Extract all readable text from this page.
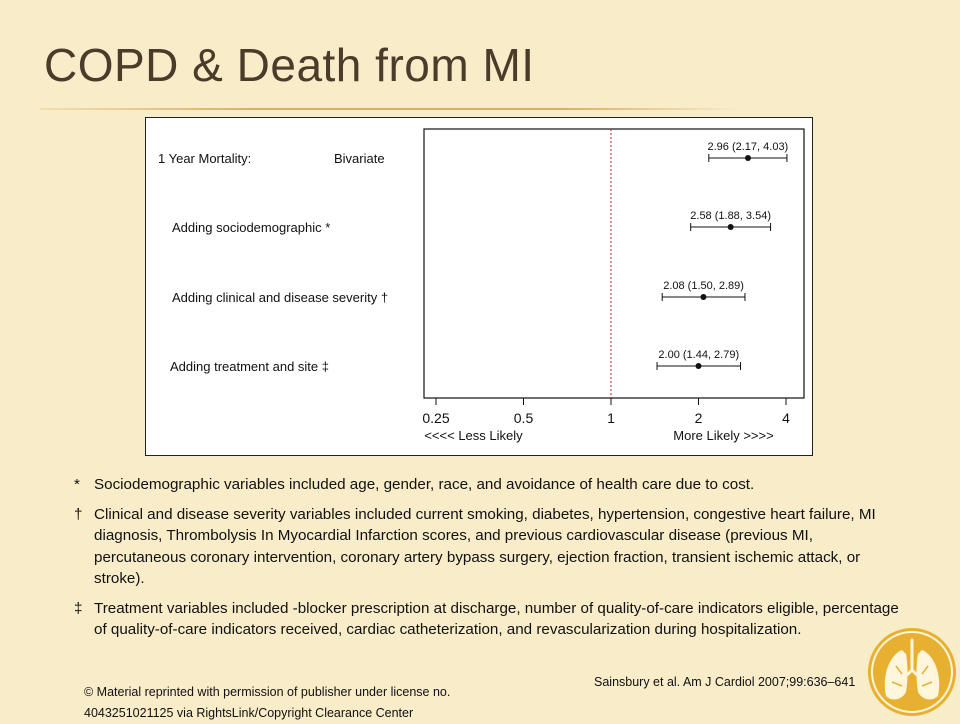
COPD & Death from MI
0.25	0.5	1	2	4
<<<< Less Likely	More Likely >>>>
1 Year Mortality:	Bivariate
2.96 (2.17, 4.03)
Adding sociodemographic *
2.58 (1.88, 3.54)
Adding clinical and disease severity †
2.08 (1.50, 2.89)
Adding treatment and site ‡
2.00 (1.44, 2.79)
* Sociodemographic variables included age, gender, race, and avoidance of health care due to cost.
† Clinical and disease severity variables included current smoking, diabetes, hypertension, congestive heart failure, MI diagnosis, Thrombolysis In Myocardial Infarction scores, and previous cardiovascular disease (previous MI, percutaneous coronary intervention, coronary artery bypass surgery, ejection fraction, transient ischemic attack, or stroke).
‡ Treatment variables included -blocker prescription at discharge, number of quality-of-care indicators eligible, percentage of quality-of-care indicators received, cardiac catheterization, and revascularization during hospitalization.
© Material reprinted with permission of publisher under license no.
4043251021125 via RightsLink/Copyright Clearance Center
Sainsbury et al. Am J Cardiol 2007;99:636–641
